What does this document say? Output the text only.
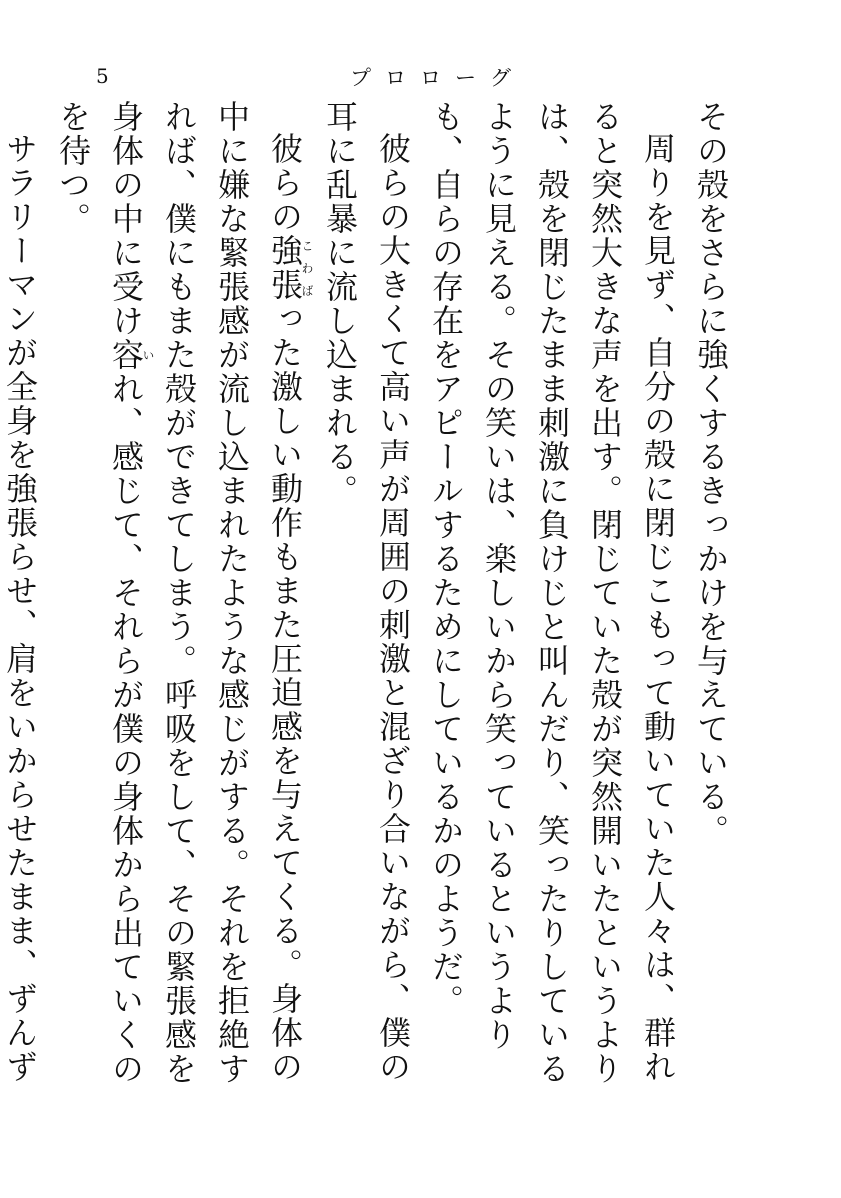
5	プロローグ

その殻をさらに強くするきっかけを与えている。

周りを見ず、自分の殻に閉じこもって動いていた人々は、群れると突然大きな声を出す。閉じていた殻が突然開いたというよりは、殻を閉じたまま刺激に負けじと叫んだり、笑ったりしているように見える。その笑いは、楽しいから笑っているというよりも、自らの存在をアピールするためにしているかのようだ。

彼らの大きくて高い声が周囲の刺激と混ざり合いながら、僕の耳に乱暴に流し込まれる。

彼らの強張こわばった激しい動作もまた圧迫感を与えてくる。身体の中に嫌な緊張感が流し込まれたような感じがする。それを拒絶すれば、僕にもまた殻ができてしまう。呼吸をして、その緊張感を身体の中に受け容いれ、感じて、それらが僕の身体から出ていくのを待つ。

サラリーマンが全身を強張らせ、肩をいからせたまま、ずんず
